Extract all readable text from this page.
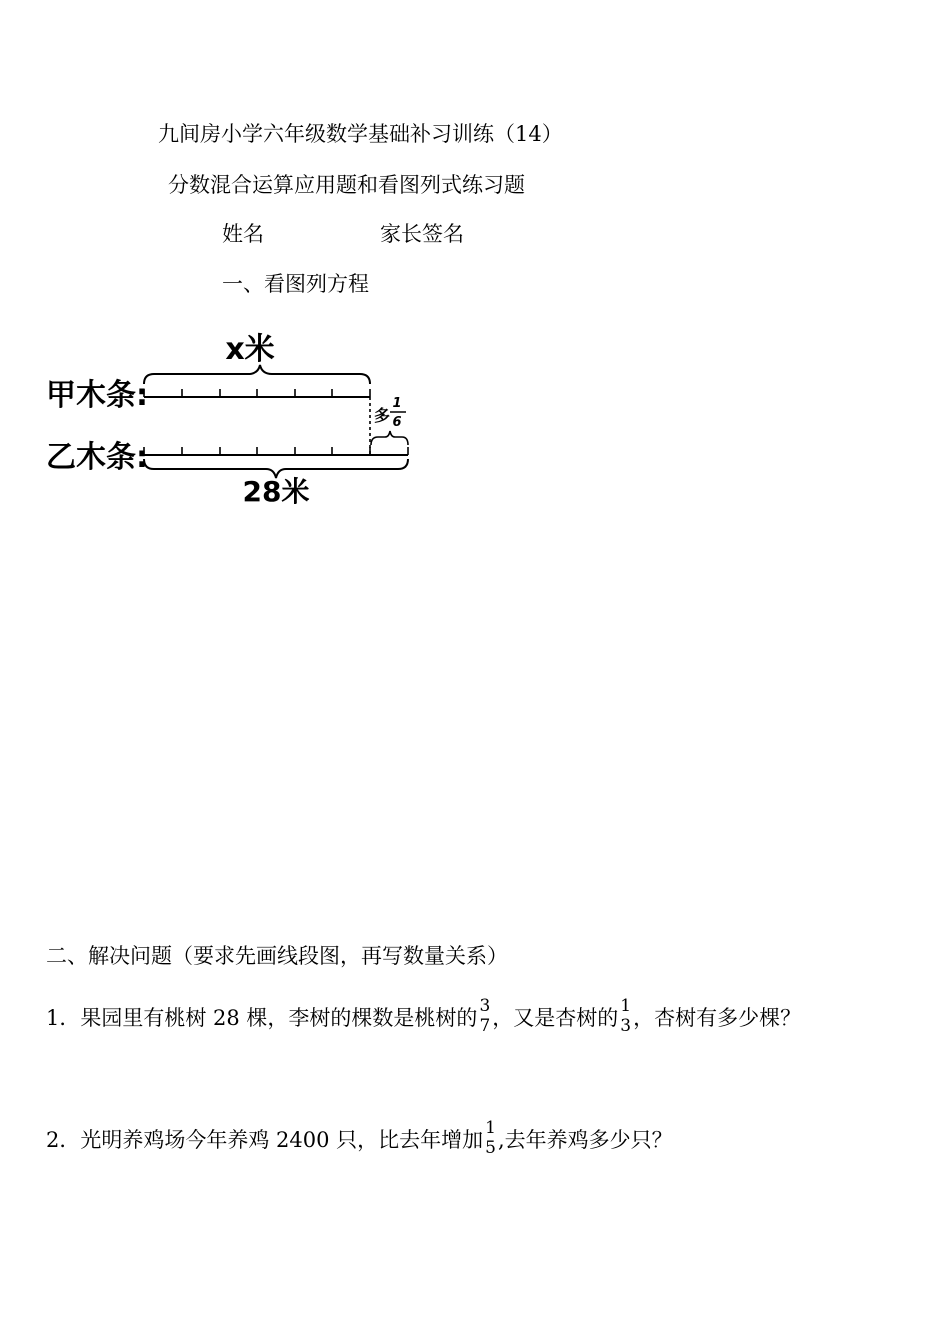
九间房小学六年级数学基础补习训练（14）
分数混合运算应用题和看图列式练习题
姓名	家长签名
一、看图列方程
x米
甲木条:
多
1
6
乙木条:
28米
二、解决问题（要求先画线段图，再写数量关系）
1．果园里有桃树 28 棵，李树的棵数是桃树的 3
7 ，又是杏树的 1
3 ，杏树有多少棵？
2．光明养鸡场今年养鸡 2400 只，比去年增加 1
5 ,去年养鸡多少只？
